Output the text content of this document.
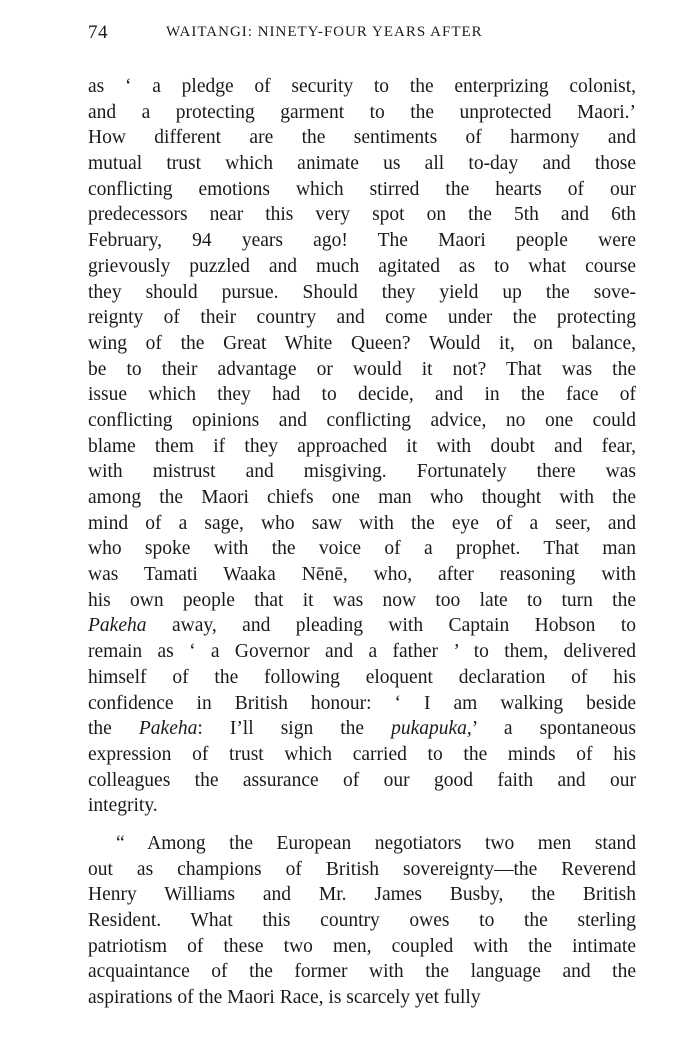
74	WAITANGI: NINETY-FOUR YEARS AFTER
as ‘ a pledge of security to the enterprizing colonist,
and a protecting garment to the unprotected Maori.’
How different are the sentiments of harmony and
mutual trust which animate us all to-day and those
conflicting emotions which stirred the hearts of our
predecessors near this very spot on the 5th and 6th
February, 94 years ago! The Maori people were
grievously puzzled and much agitated as to what course
they should pursue. Should they yield up the sove-
reignty of their country and come under the protecting
wing of the Great White Queen? Would it, on balance,
be to their advantage or would it not? That was the
issue which they had to decide, and in the face of
conflicting opinions and conflicting advice, no one could
blame them if they approached it with doubt and fear,
with mistrust and misgiving. Fortunately there was
among the Maori chiefs one man who thought with the
mind of a sage, who saw with the eye of a seer, and
who spoke with the voice of a prophet. That man
was Tamati Waaka Nēnē, who, after reasoning with
his own people that it was now too late to turn the
Pakeha away, and pleading with Captain Hobson to
remain as ‘ a Governor and a father ’ to them, delivered
himself of the following eloquent declaration of his
confidence in British honour: ‘ I am walking beside
the Pakeha: I’ll sign the pukapuka,’ a spontaneous
expression of trust which carried to the minds of his
colleagues the assurance of our good faith and our
integrity.
“ Among the European negotiators two men stand
out as champions of British sovereignty—the Reverend
Henry Williams and Mr. James Busby, the British
Resident. What this country owes to the sterling
patriotism of these two men, coupled with the intimate
acquaintance of the former with the language and the
aspirations of the Maori Race, is scarcely yet fully
